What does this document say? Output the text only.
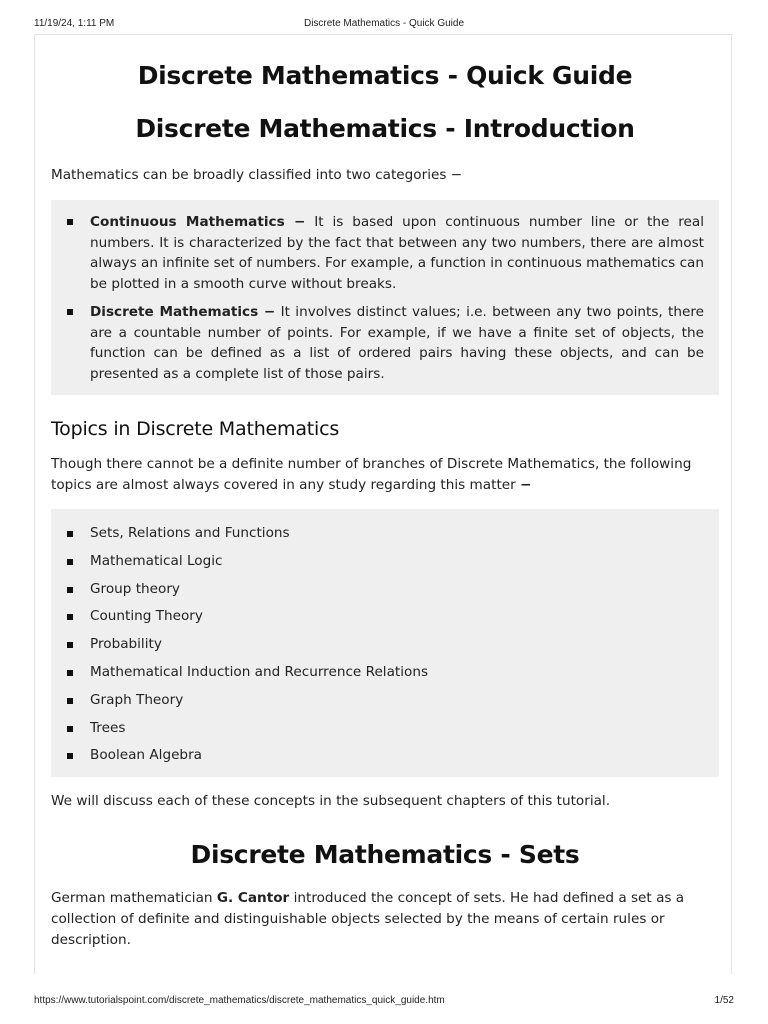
11/19/24, 1:11 PM	Discrete Mathematics - Quick Guide
Discrete Mathematics - Quick Guide
Discrete Mathematics - Introduction

Mathematics can be broadly classified into two categories −

Continuous Mathematics − It is based upon continuous number line or the real numbers. It is characterized by the fact that between any two numbers, there are almost always an infinite set of numbers. For example, a function in continuous mathematics can be plotted in a smooth curve without breaks.
Discrete Mathematics − It involves distinct values; i.e. between any two points, there are a countable number of points. For example, if we have a finite set of objects, the function can be defined as a list of ordered pairs having these objects, and can be presented as a complete list of those pairs.
Topics in Discrete Mathematics

Though there cannot be a definite number of branches of Discrete Mathematics, the following topics are almost always covered in any study regarding this matter −

Sets, Relations and Functions
Mathematical Logic
Group theory
Counting Theory
Probability
Mathematical Induction and Recurrence Relations
Graph Theory
Trees
Boolean Algebra

We will discuss each of these concepts in the subsequent chapters of this tutorial.

Discrete Mathematics - Sets

German mathematician G. Cantor introduced the concept of sets. He had defined a set as a collection of definite and distinguishable objects selected by the means of certain rules or description.

https://www.tutorialspoint.com/discrete_mathematics/discrete_mathematics_quick_guide.htm	1/52
